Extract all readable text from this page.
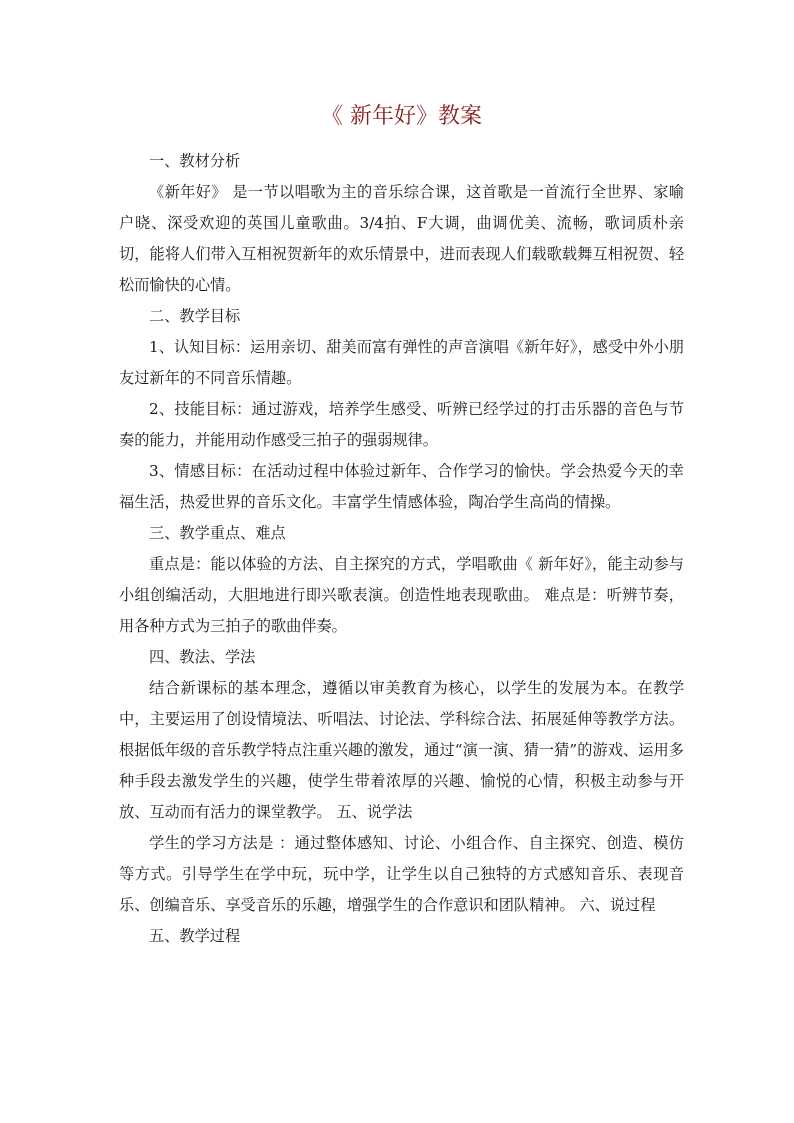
《 新年好》教案

一、教材分析

《新年好》 是一节以唱歌为主的音乐综合课，这首歌是一首流行全世界、家喻户晓、深受欢迎的英国儿童歌曲。3/4拍、F大调，曲调优美、流畅，歌词质朴亲切，能将人们带入互相祝贺新年的欢乐情景中，进而表现人们载歌载舞互相祝贺、轻松而愉快的心情。

二、教学目标

1、认知目标：运用亲切、甜美而富有弹性的声音演唱《新年好》，感受中外小朋友过新年的不同音乐情趣。

2、技能目标：通过游戏，培养学生感受、听辨已经学过的打击乐器的音色与节奏的能力，并能用动作感受三拍子的强弱规律。

3、情感目标：在活动过程中体验过新年、合作学习的愉快。学会热爱今天的幸福生活，热爱世界的音乐文化。丰富学生情感体验，陶冶学生高尚的情操。

三、教学重点、难点

重点是：能以体验的方法、自主探究的方式，学唱歌曲《 新年好》，能主动参与小组创编活动，大胆地进行即兴歌表演。创造性地表现歌曲。 难点是：听辨节奏，用各种方式为三拍子的歌曲伴奏。

四、教法、学法

结合新课标的基本理念，遵循以审美教育为核心，以学生的发展为本。在教学中，主要运用了创设情境法、听唱法、讨论法、学科综合法、拓展延伸等教学方法。根据低年级的音乐教学特点注重兴趣的激发，通过“演一演、猜一猜”的游戏、运用多种手段去激发学生的兴趣，使学生带着浓厚的兴趣、愉悦的心情，积极主动参与开放、互动而有活力的课堂教学。 五、说学法

学生的学习方法是 ：通过整体感知、讨论、小组合作、自主探究、创造、模仿等方式。引导学生在学中玩，玩中学，让学生以自己独特的方式感知音乐、表现音乐、创编音乐、享受音乐的乐趣，增强学生的合作意识和团队精神。 六、说过程

五、教学过程
